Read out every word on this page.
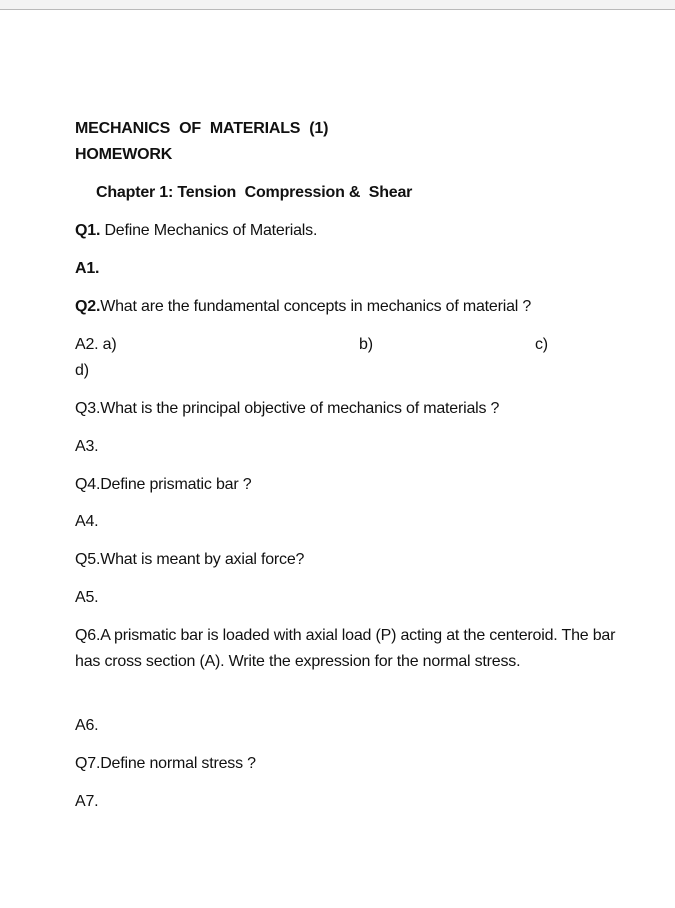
MECHANICS OF MATERIALS (1)
HOMEWORK
Chapter 1: Tension  Compression &  Shear
Q1. Define Mechanics of Materials.
A1.
Q2.What are the fundamental concepts in mechanics of material ?
A2. a)	b)	c)
d)
Q3.What is the principal objective of mechanics of materials ?
A3.
Q4.Define prismatic bar ?
A4.
Q5.What is meant by axial force?
A5.
Q6.A prismatic bar is loaded with axial load (P) acting at the centeroid. The bar has cross section (A). Write the expression for the normal stress.
A6.
Q7.Define normal stress ?
A7.
